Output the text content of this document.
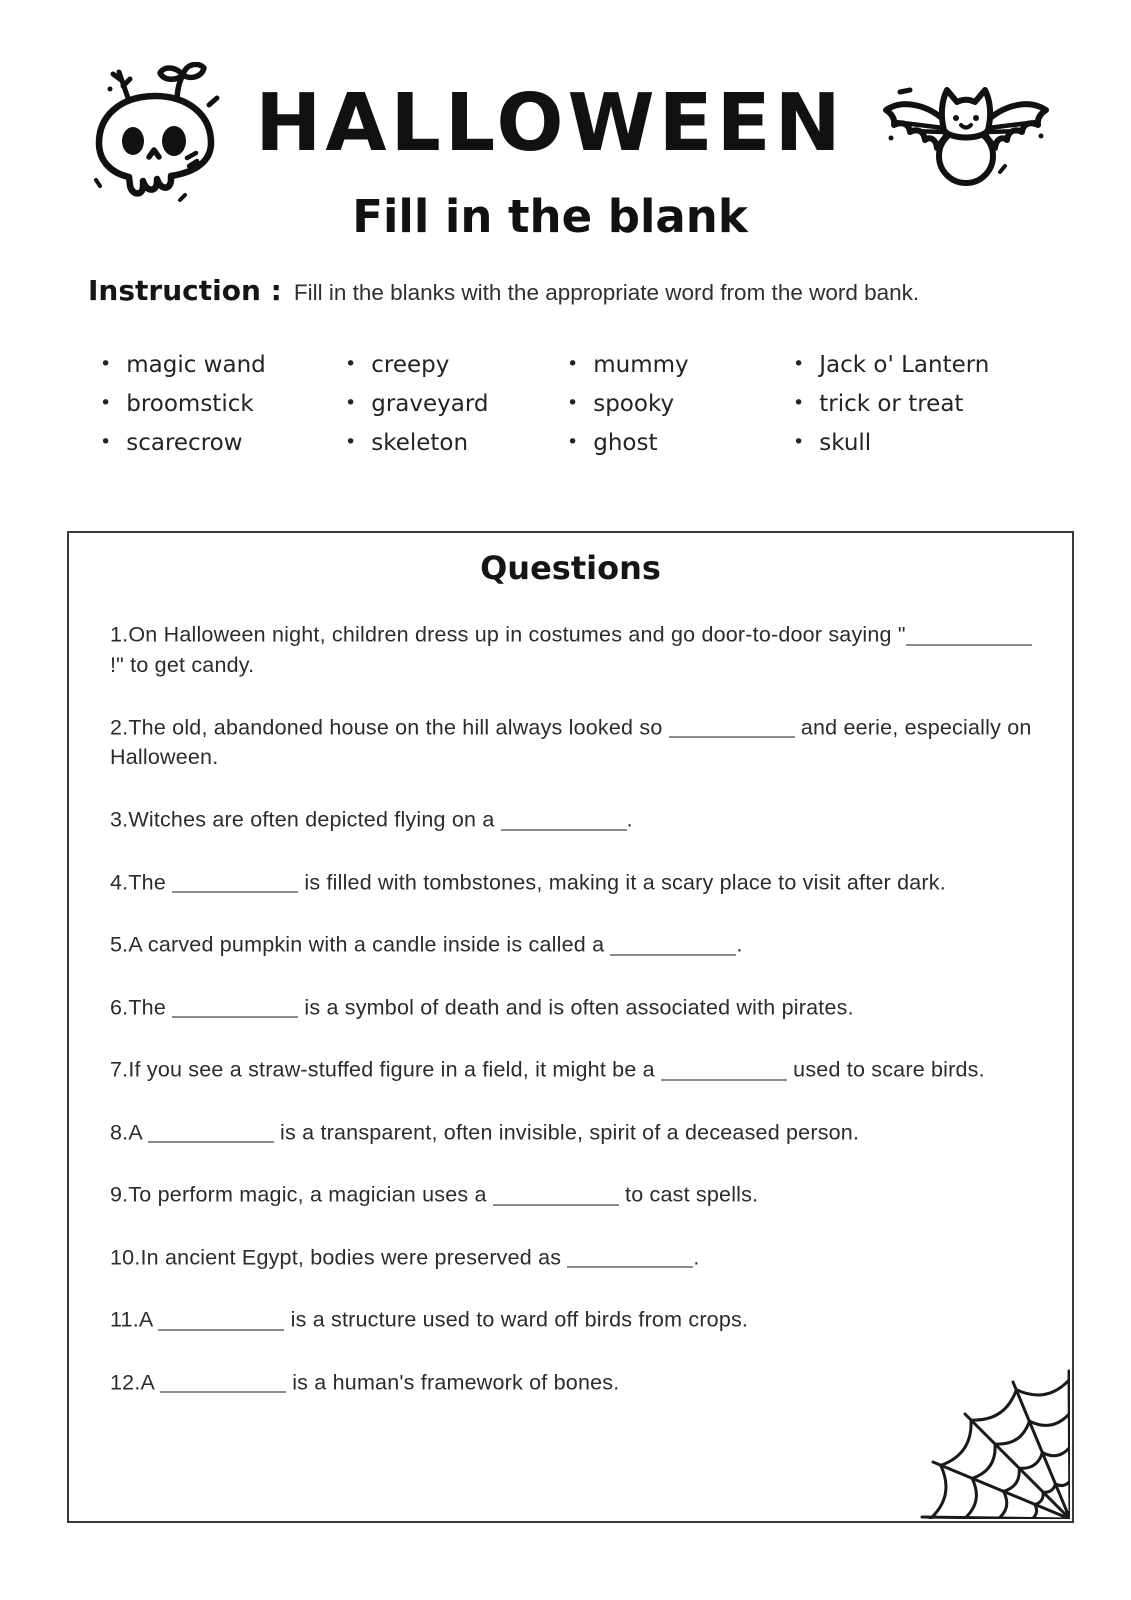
HALLOWEEN
Fill in the blank
Instruction : Fill in the blanks with the appropriate word from the word bank.
• magic wand
• broomstick
• scarecrow
• creepy
• graveyard
• skeleton
• mummy
• spooky
• ghost
• Jack o' Lantern
• trick or treat
• skull
Questions

1.On Halloween night, children dress up in costumes and go door-to-door saying "!" to get candy.

2.The old, abandoned house on the hill always looked so	and eerie, especially on Halloween.

3.Witches are often depicted flying on a	.

4.The	is filled with tombstones, making it a scary place to visit after dark.

5.A carved pumpkin with a candle inside is called a	.

6.The	is a symbol of death and is often associated with pirates.

7.If you see a straw-stuffed figure in a field, it might be a	used to scare birds.

8.A	is a transparent, often invisible, spirit of a deceased person.

9.To perform magic, a magician uses a	to cast spells.

10.In ancient Egypt, bodies were preserved as	.

11.A	is a structure used to ward off birds from crops.

12.A	is a human's framework of bones.
